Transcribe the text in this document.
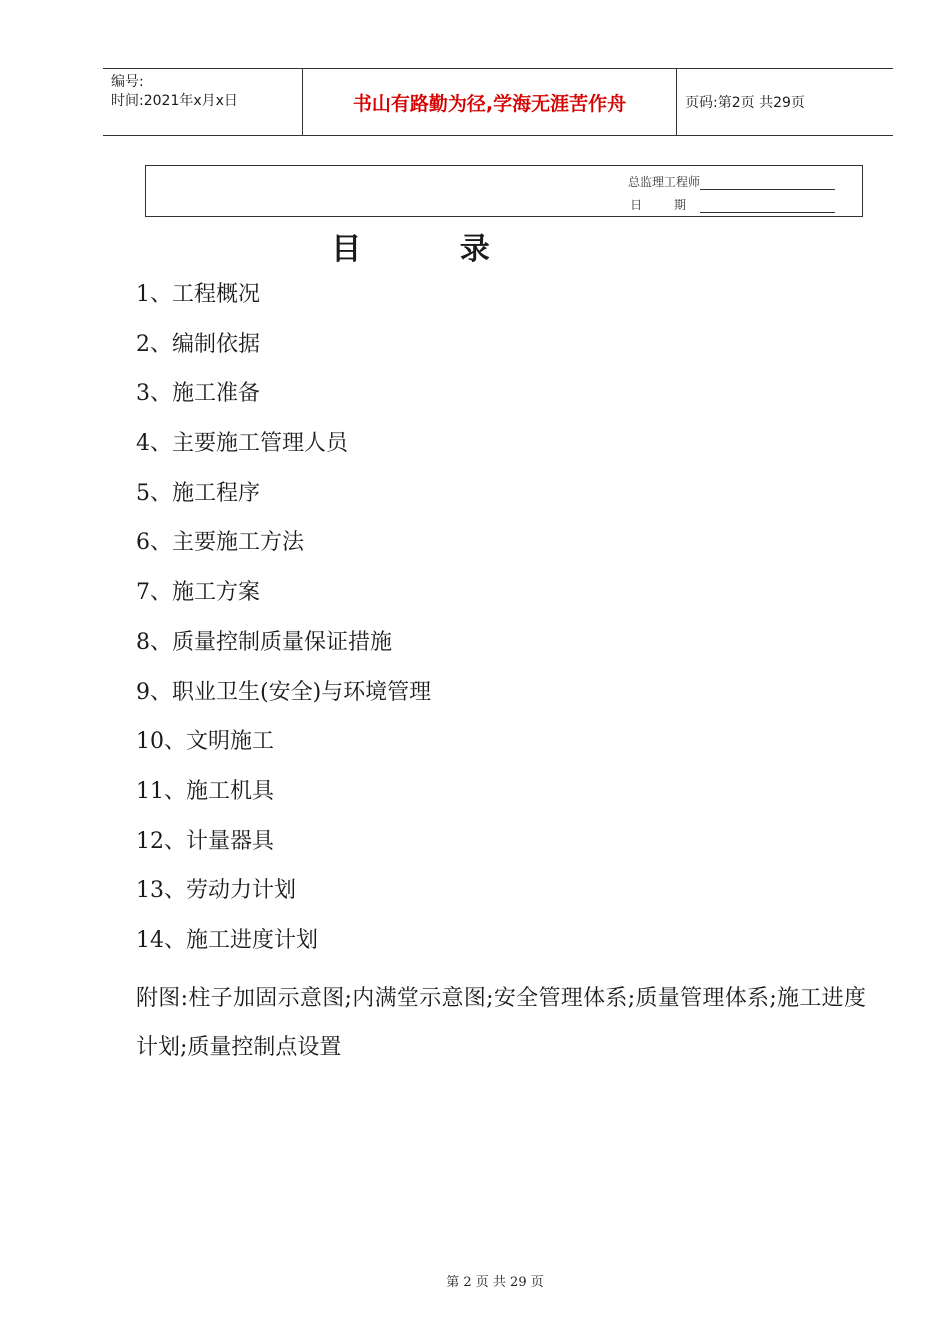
编号:
时间:2021年x月x日	书山有路勤为径,学海无涯苦作舟	页码:第2页 共29页
总监理工程师
日 期
目 录
1、工程概况
2、编制依据
3、施工准备
4、主要施工管理人员
5、施工程序
6、主要施工方法
7、施工方案
8、质量控制质量保证措施
9、职业卫生(安全)与环境管理
10、文明施工
11、施工机具
12、计量器具
13、劳动力计划
14、施工进度计划
附图:柱子加固示意图;内满堂示意图;安全管理体系;质量管理体系;施工进度计划;质量控制点设置
第 2 页 共 29 页
